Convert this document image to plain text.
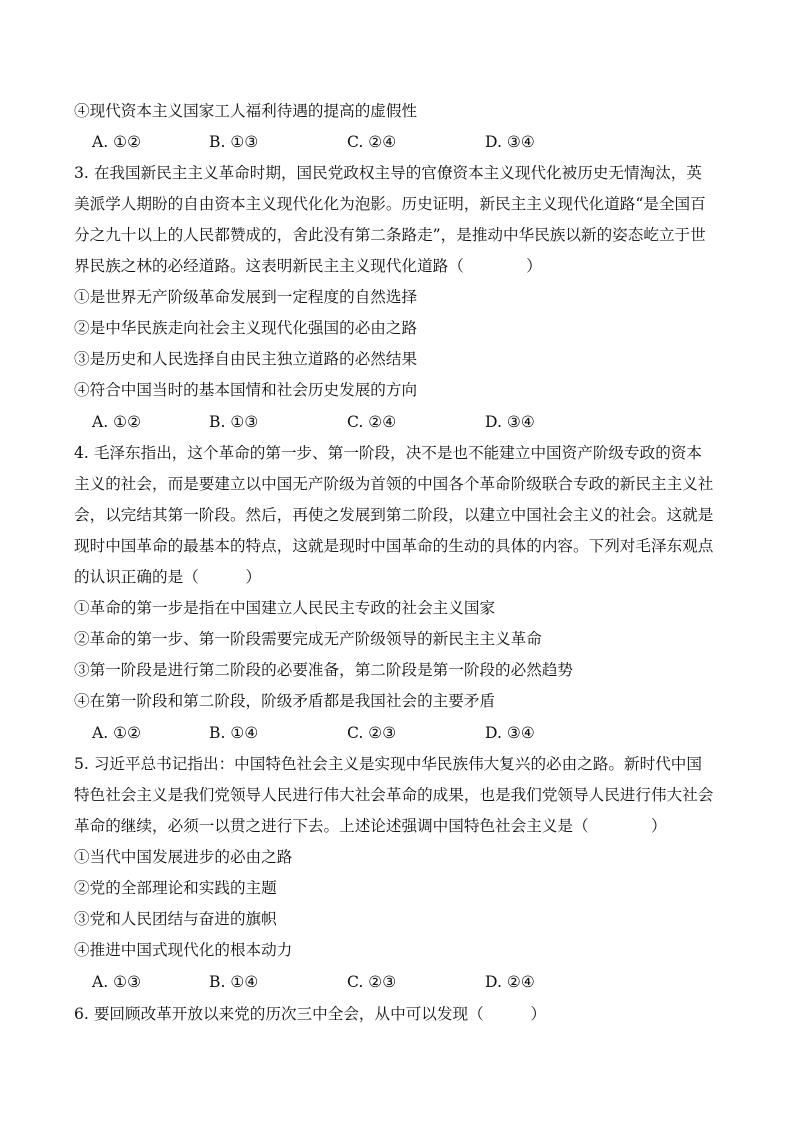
④现代资本主义国家工人福利待遇的提高的虚假性
A. ①②	B. ①③	C. ②④	D. ③④
3. 在我国新民主主义革命时期，国民党政权主导的官僚资本主义现代化被历史无情淘汰，英
美派学人期盼的自由资本主义现代化化为泡影。历史证明，新民主主义现代化道路“是全国百
分之九十以上的人民都赞成的，舍此没有第二条路走”，是推动中华民族以新的姿态屹立于世
界民族之林的必经道路。这表明新民主主义现代化道路（　　　　）
①是世界无产阶级革命发展到一定程度的自然选择
②是中华民族走向社会主义现代化强国的必由之路
③是历史和人民选择自由民主独立道路的必然结果
④符合中国当时的基本国情和社会历史发展的方向
A. ①②	B. ①③	C. ②④	D. ③④
4. 毛泽东指出，这个革命的第一步、第一阶段，决不是也不能建立中国资产阶级专政的资本
主义的社会，而是要建立以中国无产阶级为首领的中国各个革命阶级联合专政的新民主主义社
会，以完结其第一阶段。然后，再使之发展到第二阶段，以建立中国社会主义的社会。这就是
现时中国革命的最基本的特点，这就是现时中国革命的生动的具体的内容。下列对毛泽东观点
的认识正确的是（　　　）
①革命的第一步是指在中国建立人民民主专政的社会主义国家
②革命的第一步、第一阶段需要完成无产阶级领导的新民主主义革命
③第一阶段是进行第二阶段的必要准备，第二阶段是第一阶段的必然趋势
④在第一阶段和第二阶段，阶级矛盾都是我国社会的主要矛盾
A. ①②	B. ①④	C. ②③	D. ③④
5. 习近平总书记指出：中国特色社会主义是实现中华民族伟大复兴的必由之路。新时代中国
特色社会主义是我们党领导人民进行伟大社会革命的成果，也是我们党领导人民进行伟大社会
革命的继续，必须一以贯之进行下去。上述论述强调中国特色社会主义是（　　　　）
①当代中国发展进步的必由之路
②党的全部理论和实践的主题
③党和人民团结与奋进的旗帜
④推进中国式现代化的根本动力
A. ①③	B. ①④	C. ②③	D. ②④
6. 要回顾改革开放以来党的历次三中全会，从中可以发现（　　　）
